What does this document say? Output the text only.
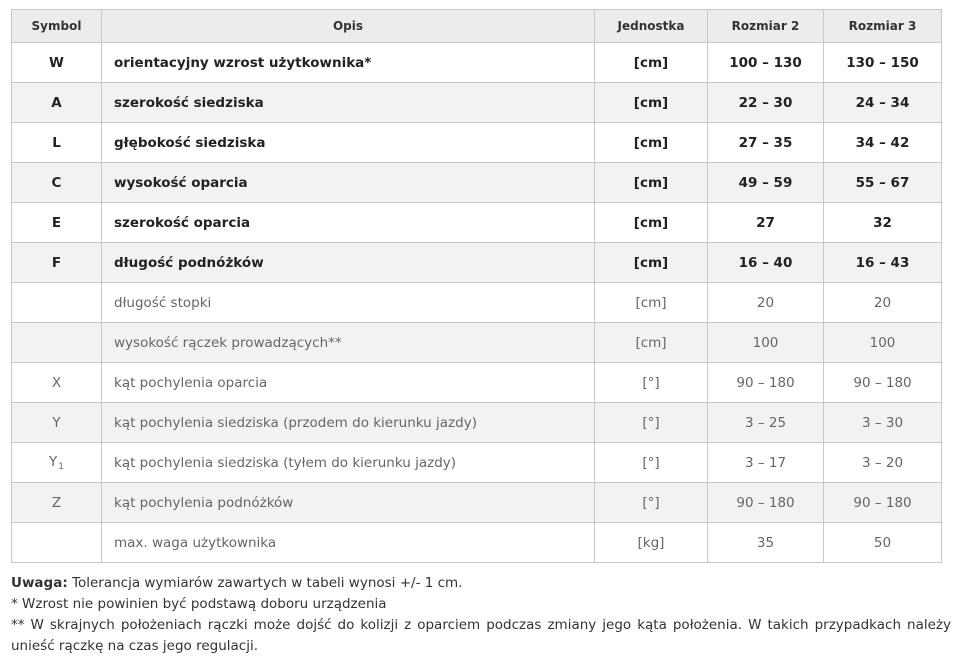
Symbol	Opis	Jednostka	Rozmiar 2	Rozmiar 3
W	orientacyjny wzrost użytkownika*	[cm]	100 – 130	130 – 150
A	szerokość siedziska	[cm]	22 – 30	24 – 34
L	głębokość siedziska	[cm]	27 – 35	34 – 42
C	wysokość oparcia	[cm]	49 – 59	55 – 67
E	szerokość oparcia	[cm]	27	32
F	długość podnóżków	[cm]	16 – 40	16 – 43
	długość stopki	[cm]	20	20
	wysokość rączek prowadzących**	[cm]	100	100
X	kąt pochylenia oparcia	[°]	90 – 180	90 – 180
Y	kąt pochylenia siedziska (przodem do kierunku jazdy)	[°]	3 – 25	3 – 30
$Y_1$	kąt pochylenia siedziska (tyłem do kierunku jazdy)	[°]	3 – 17	3 – 20
Z	kąt pochylenia podnóżków	[°]	90 – 180	90 – 180
	max. waga użytkownika	[kg]	35	50

Uwaga: Tolerancja wymiarów zawartych w tabeli wynosi +/- 1 cm.

* Wzrost nie powinien być podstawą doboru urządzenia

** W skrajnych położeniach rączki może dojść do kolizji z oparciem podczas zmiany jego kąta położenia. W takich przypadkach należy unieść rączkę na czas jego regulacji.
